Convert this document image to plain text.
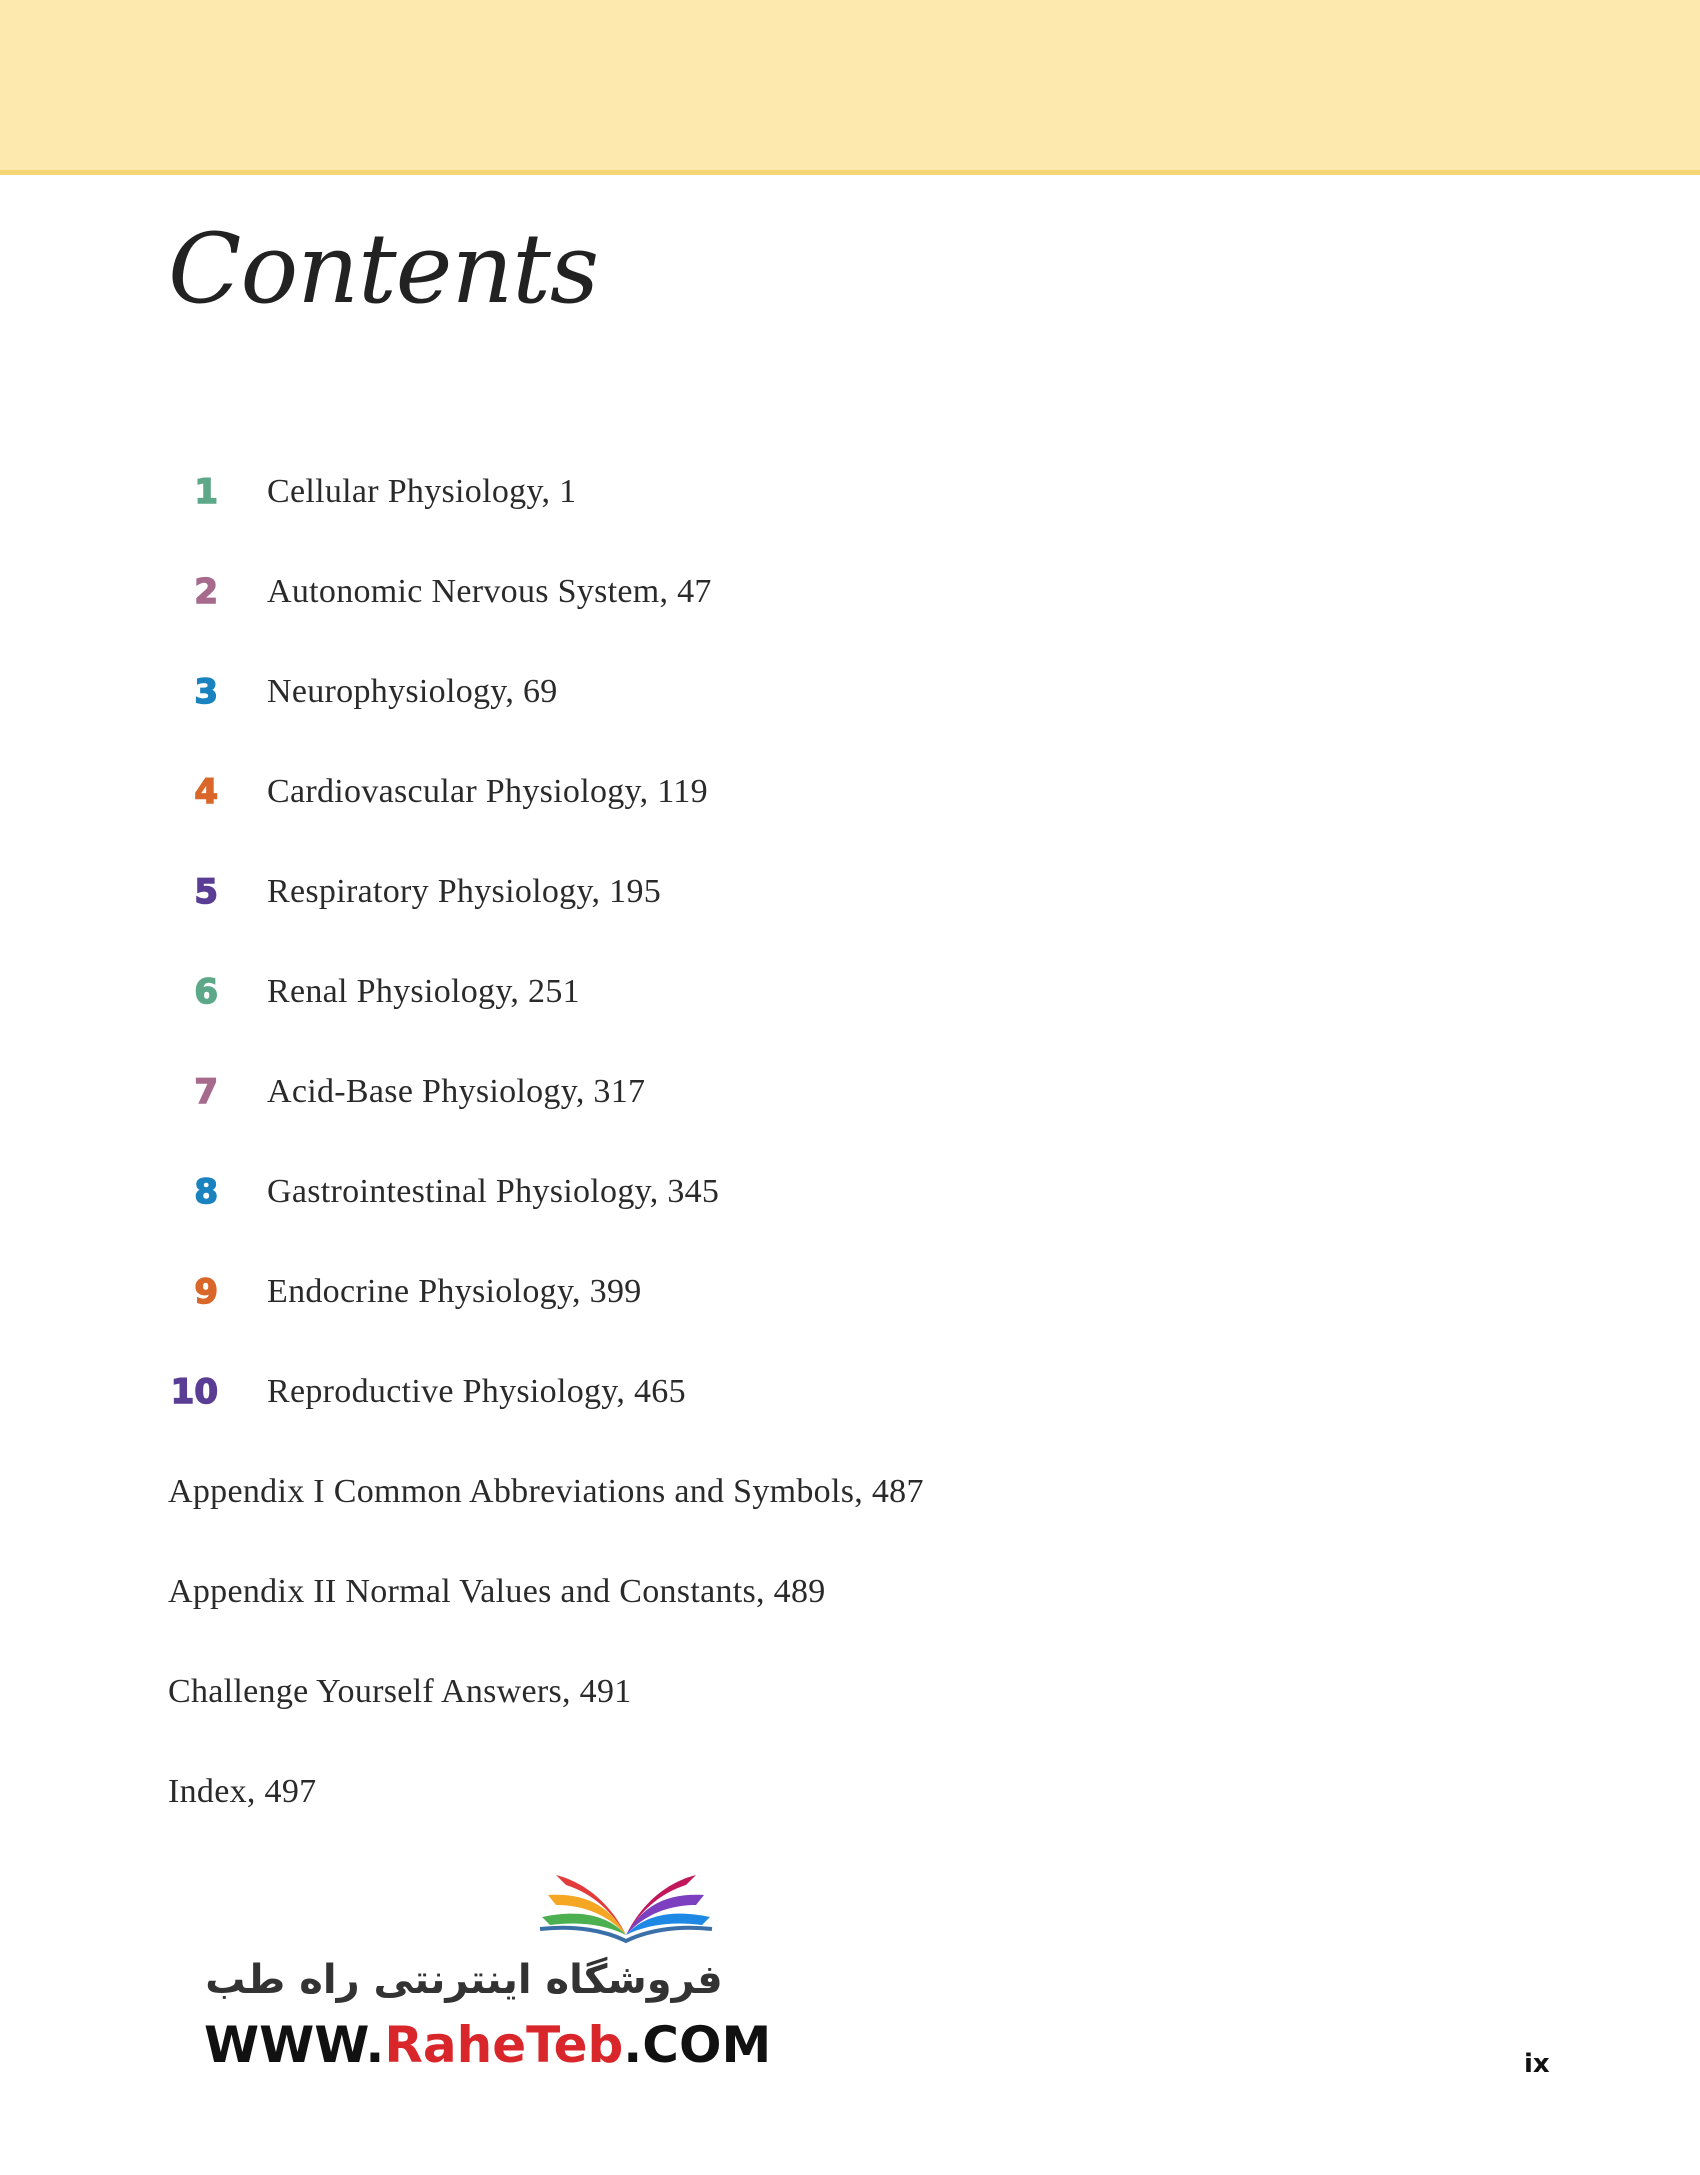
Contents
1 Cellular Physiology, 1
2 Autonomic Nervous System, 47
3 Neurophysiology, 69
4 Cardiovascular Physiology, 119
5 Respiratory Physiology, 195
6 Renal Physiology, 251
7 Acid-Base Physiology, 317
8 Gastrointestinal Physiology, 345
9 Endocrine Physiology, 399
10 Reproductive Physiology, 465
Appendix I Common Abbreviations and Symbols, 487
Appendix II Normal Values and Constants, 489
Challenge Yourself Answers, 491
Index, 497
فروشگاه اینترنتی راه طب
WWW.RaheTeb.COM	ix
